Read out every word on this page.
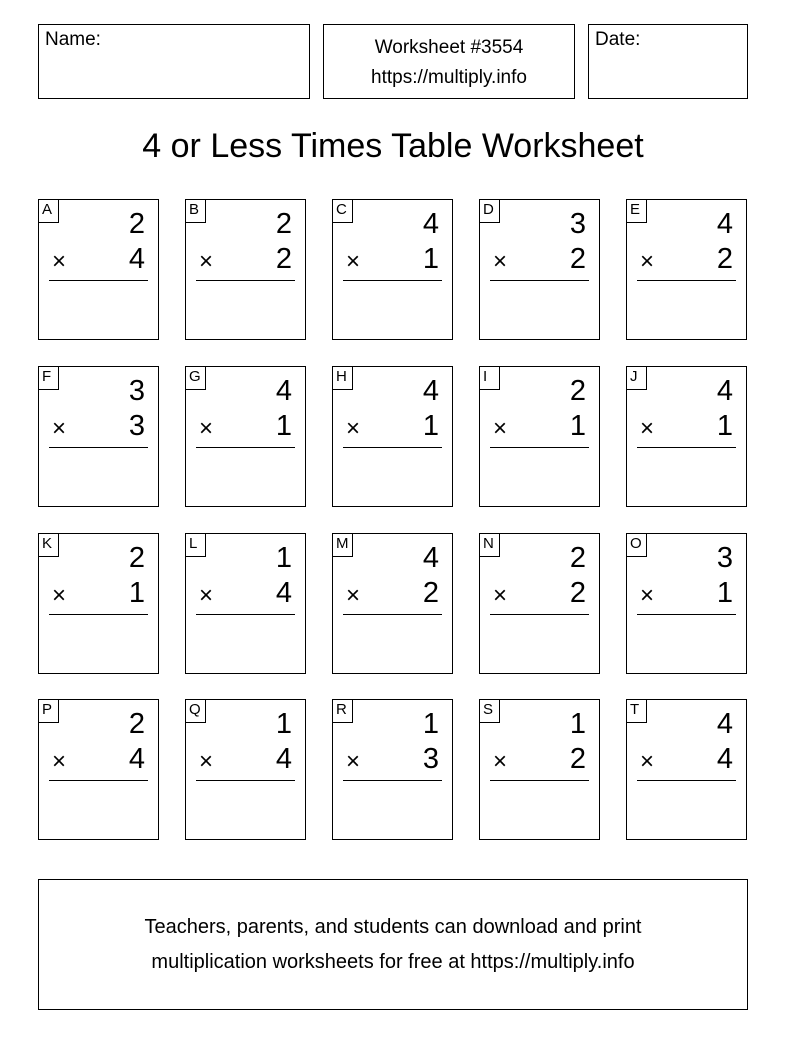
Name:	Worksheet #3554
https://multiply.info
Date:
4 or Less Times Table Worksheet
A	2
× 4
B	2
× 2
C	4
× 1
D	3
× 2
E	4
× 2
F	3
× 3
G	4
× 1
H	4
× 1
I	2
× 1
J	4
× 1
K	2
× 1
L	1
× 4
M	4
× 2
N	2
× 2
O	3
× 1
P	2
× 4
Q	1
× 4
R	1
× 3
S	1
× 2
T	4
× 4
Teachers, parents, and students can download and print
multiplication worksheets for free at https://multiply.info
